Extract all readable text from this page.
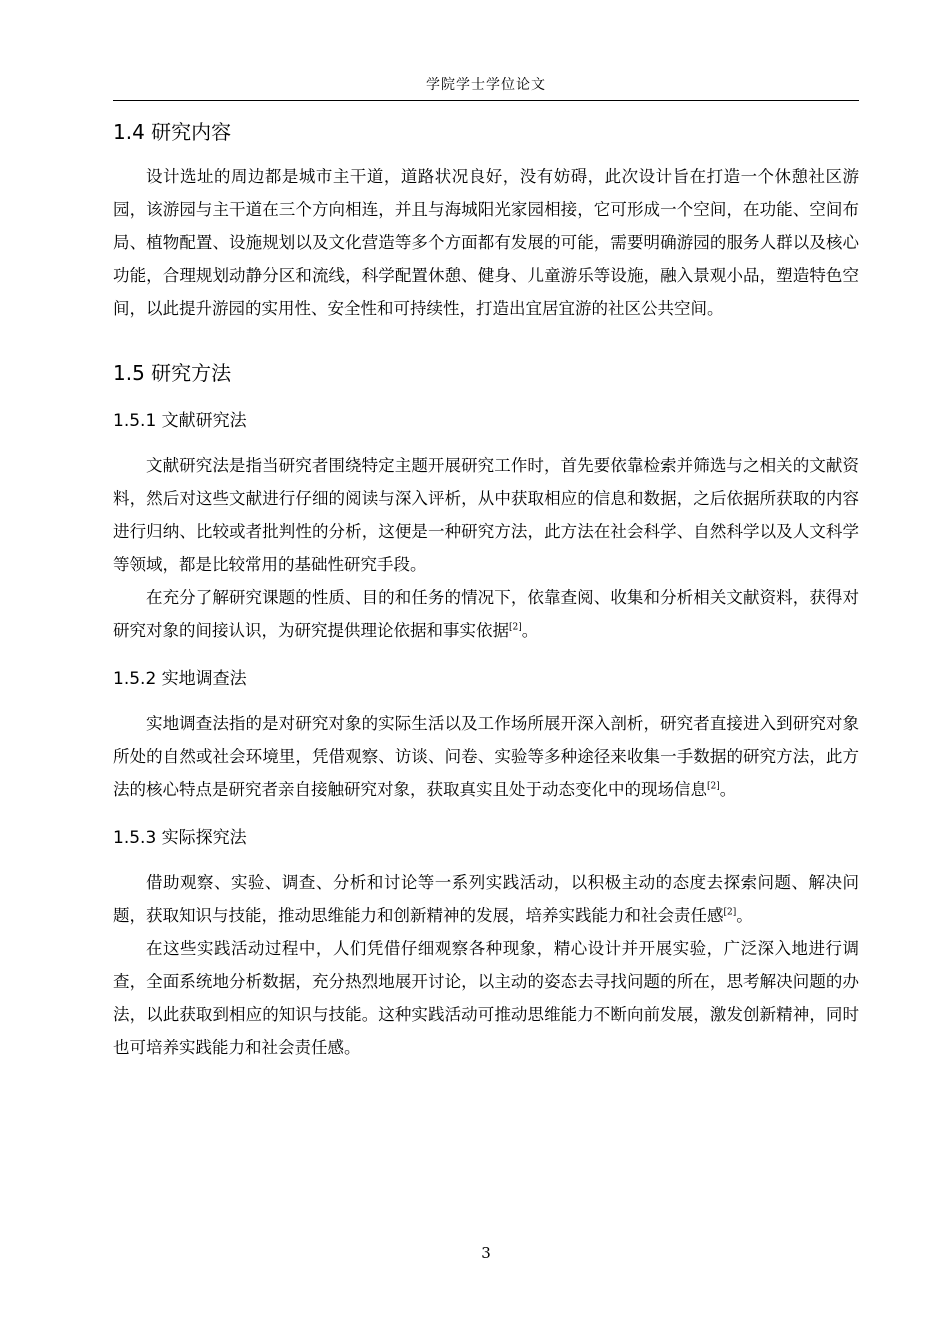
学院学士学位论文
1.4 研究内容

设计选址的周边都是城市主干道，道路状况良好，没有妨碍，此次设计旨在打造一个休憩社区游园，该游园与主干道在三个方向相连，并且与海城阳光家园相接，它可形成一个空间，在功能、空间布局、植物配置、设施规划以及文化营造等多个方面都有发展的可能，需要明确游园的服务人群以及核心功能，合理规划动静分区和流线，科学配置休憩、健身、儿童游乐等设施，融入景观小品，塑造特色空间，以此提升游园的实用性、安全性和可持续性，打造出宜居宜游的社区公共空间。

1.5 研究方法
1.5.1 文献研究法

文献研究法是指当研究者围绕特定主题开展研究工作时，首先要依靠检索并筛选与之相关的文献资料，然后对这些文献进行仔细的阅读与深入评析，从中获取相应的信息和数据，之后依据所获取的内容进行归纳、比较或者批判性的分析，这便是一种研究方法，此方法在社会科学、自然科学以及人文科学等领域，都是比较常用的基础性研究手段。

在充分了解研究课题的性质、目的和任务的情况下，依靠查阅、收集和分析相关文献资料，获得对研究对象的间接认识，为研究提供理论依据和事实依据[2]。

1.5.2 实地调查法

实地调查法指的是对研究对象的实际生活以及工作场所展开深入剖析，研究者直接进入到研究对象所处的自然或社会环境里，凭借观察、访谈、问卷、实验等多种途径来收集一手数据的研究方法，此方法的核心特点是研究者亲自接触研究对象，获取真实且处于动态变化中的现场信息[2]。

1.5.3 实际探究法

借助观察、实验、调查、分析和讨论等一系列实践活动，以积极主动的态度去探索问题、解决问题，获取知识与技能，推动思维能力和创新精神的发展，培养实践能力和社会责任感[2]。

在这些实践活动过程中，人们凭借仔细观察各种现象，精心设计并开展实验，广泛深入地进行调查，全面系统地分析数据，充分热烈地展开讨论，以主动的姿态去寻找问题的所在，思考解决问题的办法，以此获取到相应的知识与技能。这种实践活动可推动思维能力不断向前发展，激发创新精神，同时也可培养实践能力和社会责任感。

3
